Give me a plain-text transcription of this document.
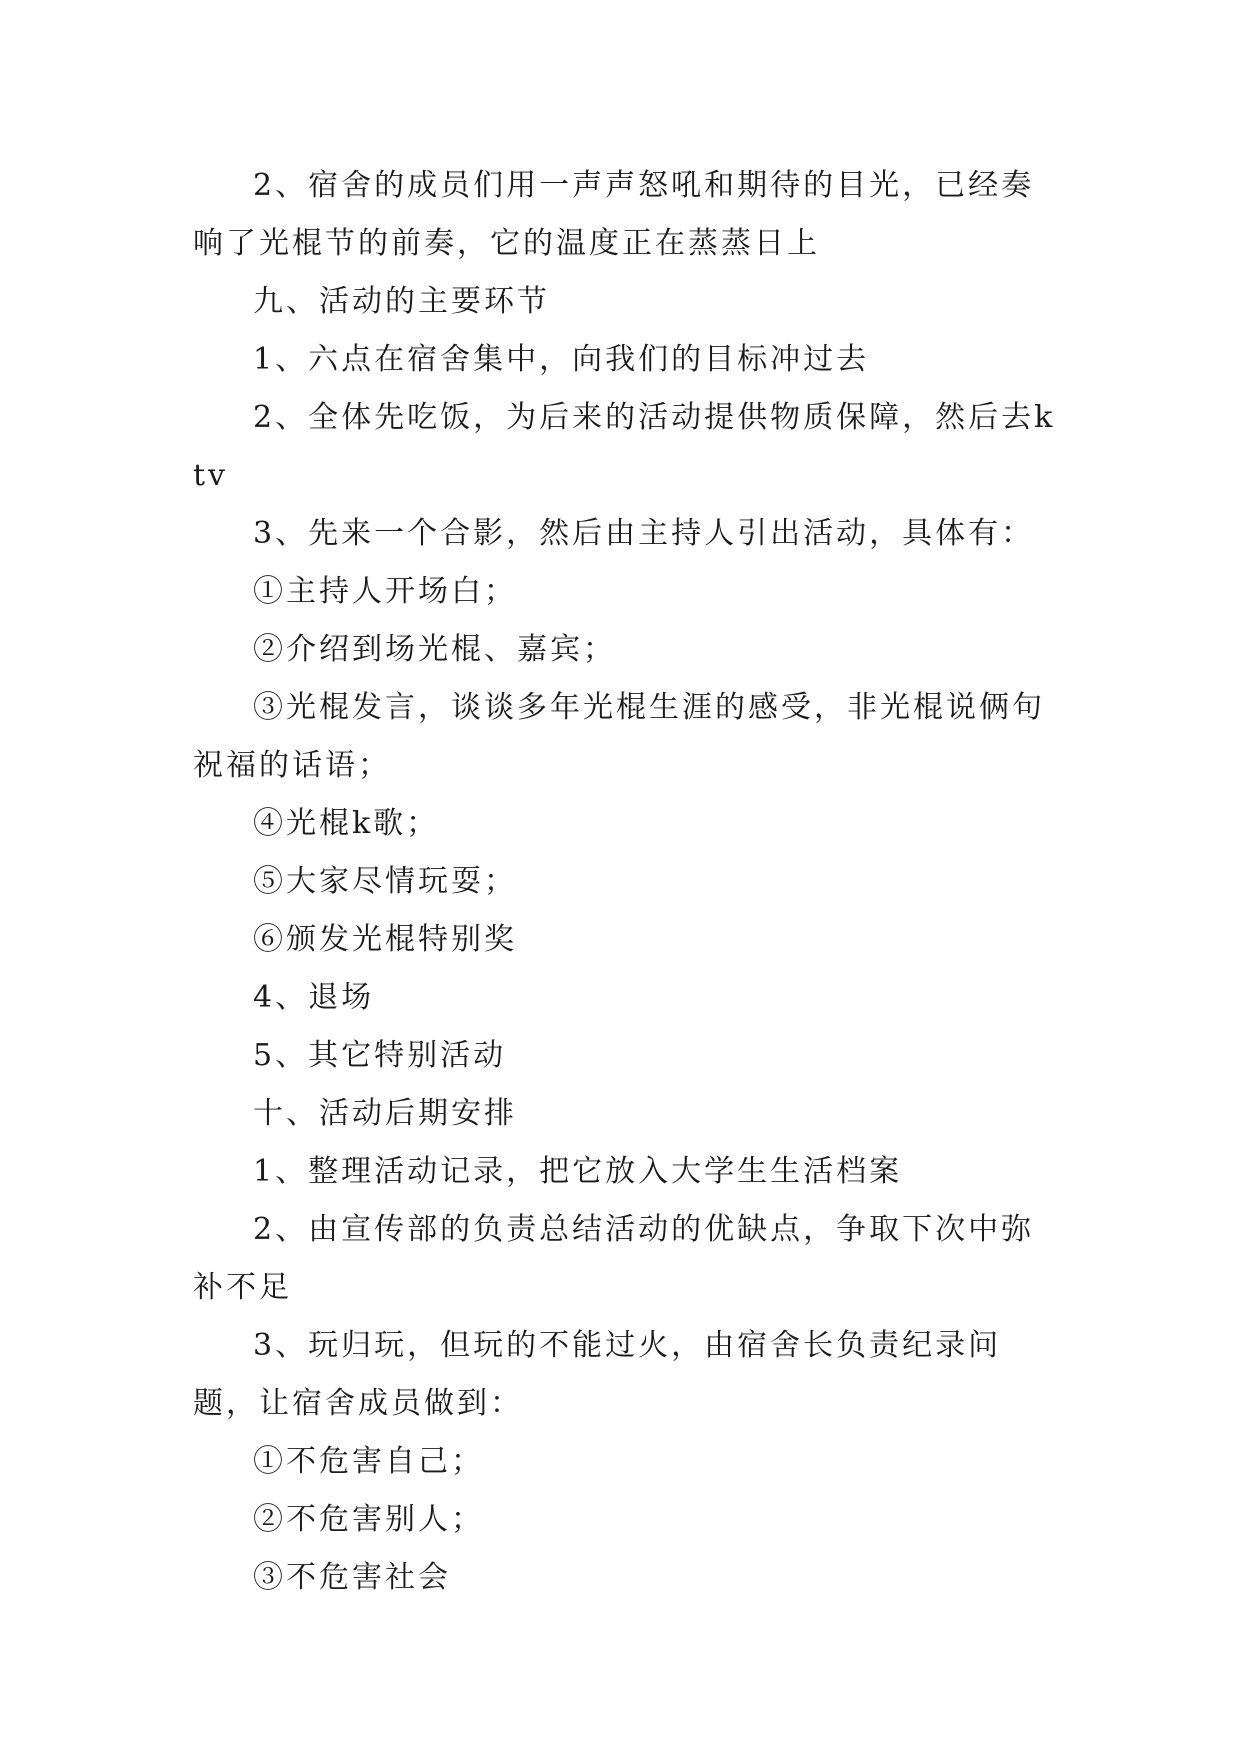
2、宿舍的成员们用一声声怒吼和期待的目光，已经奏响了光棍节的前奏，它的温度正在蒸蒸日上

九、活动的主要环节

1、六点在宿舍集中，向我们的目标冲过去

2、全体先吃饭，为后来的活动提供物质保障，然后去ktv

3、先来一个合影，然后由主持人引出活动，具体有：

①主持人开场白；

②介绍到场光棍、嘉宾；

③光棍发言，谈谈多年光棍生涯的感受，非光棍说俩句祝福的话语；

④光棍k歌；

⑤大家尽情玩耍；

⑥颁发光棍特别奖

4、退场

5、其它特别活动

十、活动后期安排

1、整理活动记录，把它放入大学生生活档案

2、由宣传部的负责总结活动的优缺点，争取下次中弥补不足

3、玩归玩，但玩的不能过火，由宿舍长负责纪录问题，让宿舍成员做到：

①不危害自己；

②不危害别人；

③不危害社会
